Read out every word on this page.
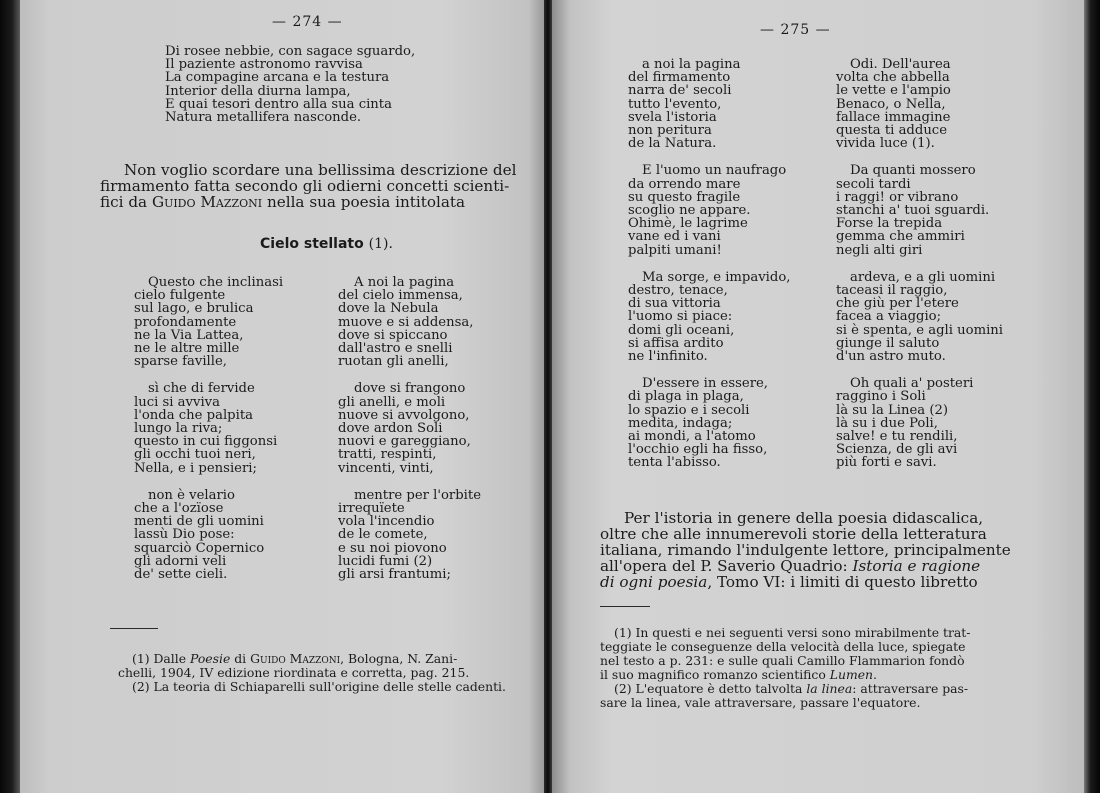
— 274 —
Di rosee nebbie, con sagace sguardo,
Il paziente astronomo ravvisa
La compagine arcana e la testura
Interior della diurna lampa,
E quai tesori dentro alla sua cinta
Natura metallifera nasconde.
Non voglio scordare una bellissima descrizione del
firmamento fatta secondo gli odierni concetti scienti-
fici da Guido Mazzoni nella sua poesia intitolata
Cielo stellato (1).
Questo che inclinasi
cielo fulgente
sul lago, e brulica
profondamente
ne la Via Lattea,
ne le altre mille
sparse faville,
sì che di fervide
luci si avviva
l'onda che palpita
lungo la riva;
questo in cui figgonsi
gli occhi tuoi neri,
Nella, e i pensieri;
non è velario
che a l'ozïose
menti de gli uomini
lassù Dio pose:
squarciò Copernico
gli adorni veli
de' sette cieli.
A noi la pagina
del cielo immensa,
dove la Nebula
muove e si addensa,
dove si spiccano
dall'astro e snelli
ruotan gli anelli,
dove si frangono
gli anelli, e moli
nuove si avvolgono,
dove ardon Soli
nuovi e gareggiano,
tratti, respinti,
vincenti, vinti,
mentre per l'orbite
irrequïete
vola l'incendio
de le comete,
e su noi piovono
lucidi fumi (2)
gli arsi frantumi;
(1) Dalle Poesie di Guido Mazzoni, Bologna, N. Zani-
chelli, 1904, IV edizione riordinata e corretta, pag. 215.
(2) La teoria di Schiaparelli sull'origine delle stelle cadenti.
— 275 —
a noi la pagina
del firmamento
narra de' secoli
tutto l'evento,
svela l'istoria
non peritura
de la Natura.
E l'uomo un naufrago
da orrendo mare
su questo fragile
scoglio ne appare.
Ohimè, le lagrime
vane ed i vani
palpiti umani!
Ma sorge, e impavido,
destro, tenace,
di sua vittoria
l'uomo si piace:
domi gli oceani,
si affisa ardito
ne l'infinito.
D'essere in essere,
di plaga in plaga,
lo spazio e i secoli
medita, indaga;
ai mondi, a l'atomo
l'occhio egli ha fisso,
tenta l'abisso.
Odi. Dell'aurea
volta che abbella
le vette e l'ampio
Benaco, o Nella,
fallace immagine
questa ti adduce
vivida luce (1).
Da quanti mossero
secoli tardi
i raggi! or vibrano
stanchi a' tuoi sguardi.
Forse la trepida
gemma che ammiri
negli alti giri
ardeva, e a gli uomini
taceasi il raggio,
che giù per l'etere
facea a viaggio;
si è spenta, e agli uomini
giunge il saluto
d'un astro muto.
Oh quali a' posteri
raggino i Soli
là su la Linea (2)
là su i due Poli,
salve! e tu rendili,
Scienza, de gli avi
più forti e savi.
Per l'istoria in genere della poesia didascalica,
oltre che alle innumerevoli storie della letteratura
italiana, rimando l'indulgente lettore, principalmente
all'opera del P. Saverio Quadrio: Istoria e ragione
di ogni poesia, Tomo VI: i limiti di questo libretto
(1) In questi e nei seguenti versi sono mirabilmente trat-
teggiate le conseguenze della velocità della luce, spiegate
nel testo a p. 231: e sulle quali Camillo Flammarion fondò
il suo magnifico romanzo scientifico Lumen.
(2) L'equatore è detto talvolta la linea: attraversare pas-
sare la linea, vale attraversare, passare l'equatore.
